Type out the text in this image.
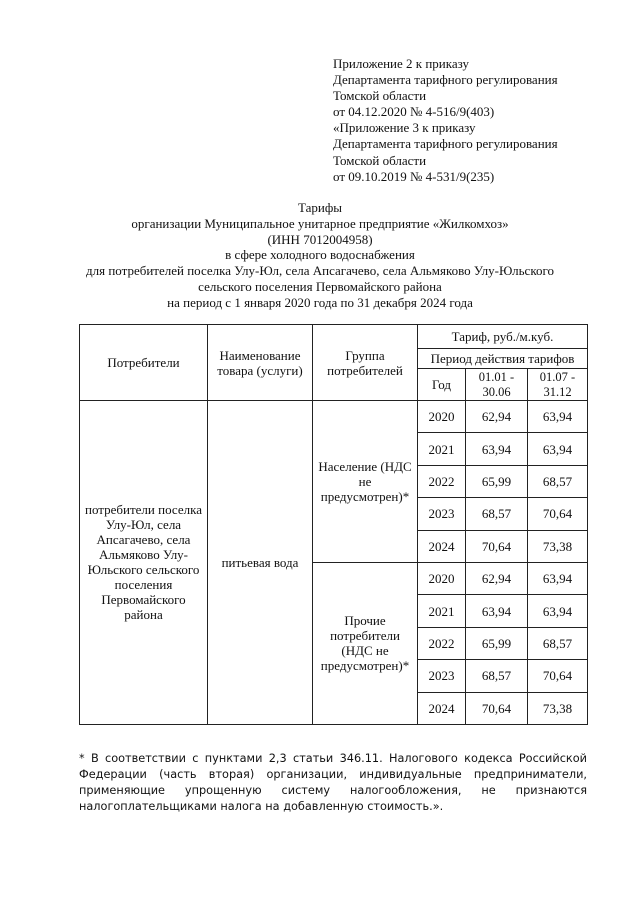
Приложение 2 к приказу
Департамента тарифного регулирования
Томской области
от 04.12.2020 № 4-516/9(403)
«Приложение 3 к приказу
Департамента тарифного регулирования
Томской области
от 09.10.2019 № 4-531/9(235)
Тарифы
организации Муниципальное унитарное предприятие «Жилкомхоз»
(ИНН 7012004958)
в сфере холодного водоснабжения
для потребителей поселка Улу-Юл, села Апсагачево, села Альмяково Улу-Юльского
сельского поселения Первомайского района
на период с 1 января 2020 года по 31 декабря 2024 года
Потребители	Наименование товара (услуги)	Группа потребителей	Тариф, руб./м.куб.		
			Период действия тарифов		
			Год	01.01 - 30.06	01.07 - 31.12
потребители поселка Улу-Юл, села Апсагачево, села Альмяково Улу-Юльского сельского поселения Первомайского района	питьевая вода	Население (НДС не предусмотрен)*	2020	62,94	63,94
			2021	63,94	63,94
			2022	65,99	68,57
			2023	68,57	70,64
			2024	70,64	73,38
		Прочие потребители (НДС не предусмотрен)*	2020	62,94	63,94
			2021	63,94	63,94
			2022	65,99	68,57
			2023	68,57	70,64
			2024	70,64	73,38
* В соответствии с пунктами 2,3 статьи 346.11. Налогового кодекса Российской
Федерации (часть вторая) организации, индивидуальные предприниматели,
применяющие упрощенную систему налогообложения, не признаются
налогоплательщиками налога на добавленную стоимость.».
